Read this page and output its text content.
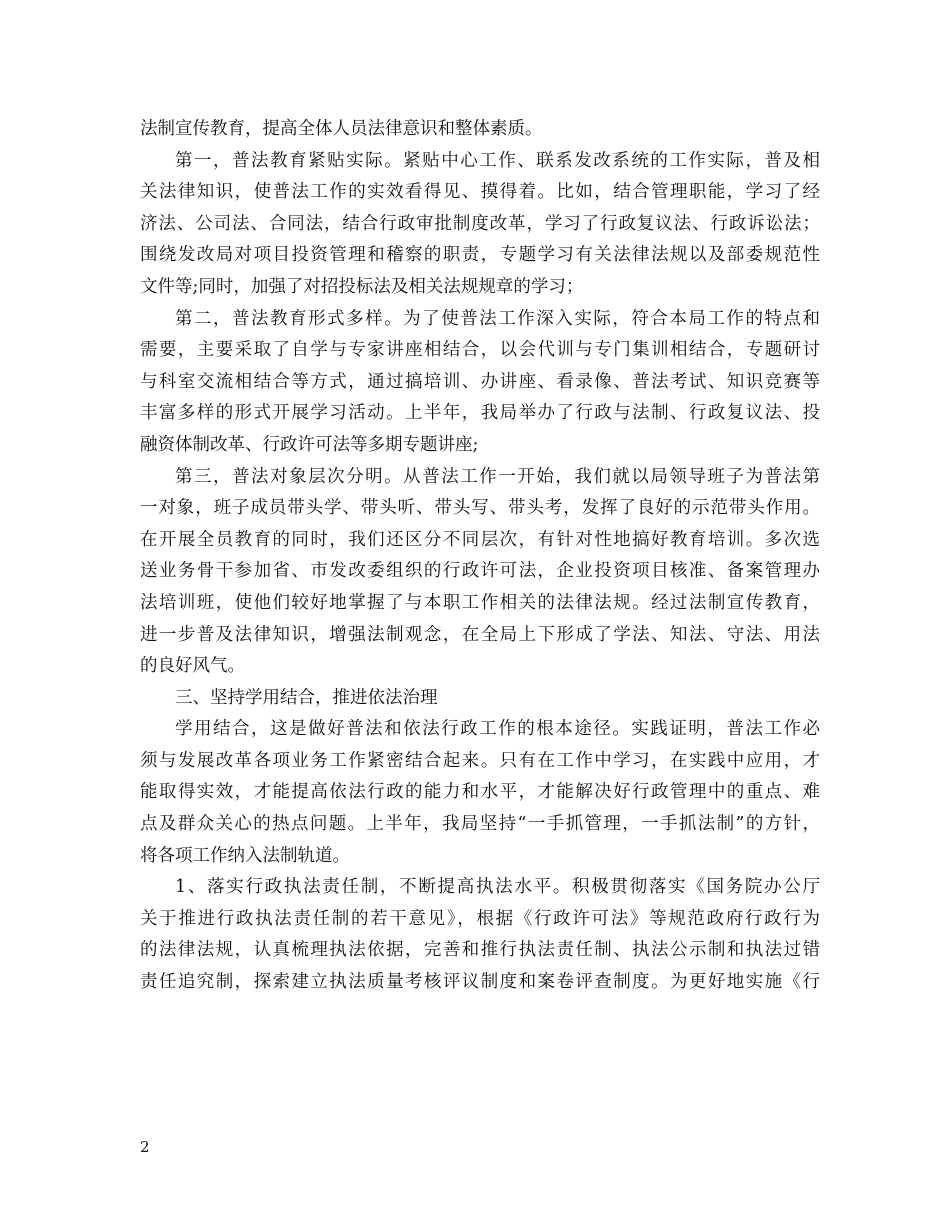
法制宣传教育，提高全体人员法律意识和整体素质。
第一，普法教育紧贴实际。紧贴中心工作、联系发改系统的工作实际，普及相
关法律知识，使普法工作的实效看得见、摸得着。比如，结合管理职能，学习了经
济法、公司法、合同法，结合行政审批制度改革，学习了行政复议法、行政诉讼法；
围绕发改局对项目投资管理和稽察的职责，专题学习有关法律法规以及部委规范性
文件等;同时，加强了对招投标法及相关法规规章的学习；
第二，普法教育形式多样。为了使普法工作深入实际，符合本局工作的特点和
需要，主要采取了自学与专家讲座相结合，以会代训与专门集训相结合，专题研讨
与科室交流相结合等方式，通过搞培训、办讲座、看录像、普法考试、知识竞赛等
丰富多样的形式开展学习活动。上半年，我局举办了行政与法制、行政复议法、投
融资体制改革、行政许可法等多期专题讲座;
第三，普法对象层次分明。从普法工作一开始，我们就以局领导班子为普法第
一对象，班子成员带头学、带头听、带头写、带头考，发挥了良好的示范带头作用。
在开展全员教育的同时，我们还区分不同层次，有针对性地搞好教育培训。多次选
送业务骨干参加省、市发改委组织的行政许可法，企业投资项目核准、备案管理办
法培训班，使他们较好地掌握了与本职工作相关的法律法规。经过法制宣传教育，
进一步普及法律知识，增强法制观念，在全局上下形成了学法、知法、守法、用法
的良好风气。
三、坚持学用结合，推进依法治理
学用结合，这是做好普法和依法行政工作的根本途径。实践证明，普法工作必
须与发展改革各项业务工作紧密结合起来。只有在工作中学习，在实践中应用，才
能取得实效，才能提高依法行政的能力和水平，才能解决好行政管理中的重点、难
点及群众关心的热点问题。上半年，我局坚持“一手抓管理，一手抓法制”的方针，
将各项工作纳入法制轨道。
1、落实行政执法责任制，不断提高执法水平。积极贯彻落实《国务院办公厅
关于推进行政执法责任制的若干意见》，根据《行政许可法》等规范政府行政行为
的法律法规，认真梳理执法依据，完善和推行执法责任制、执法公示制和执法过错
责任追究制，探索建立执法质量考核评议制度和案卷评查制度。为更好地实施《行
2
